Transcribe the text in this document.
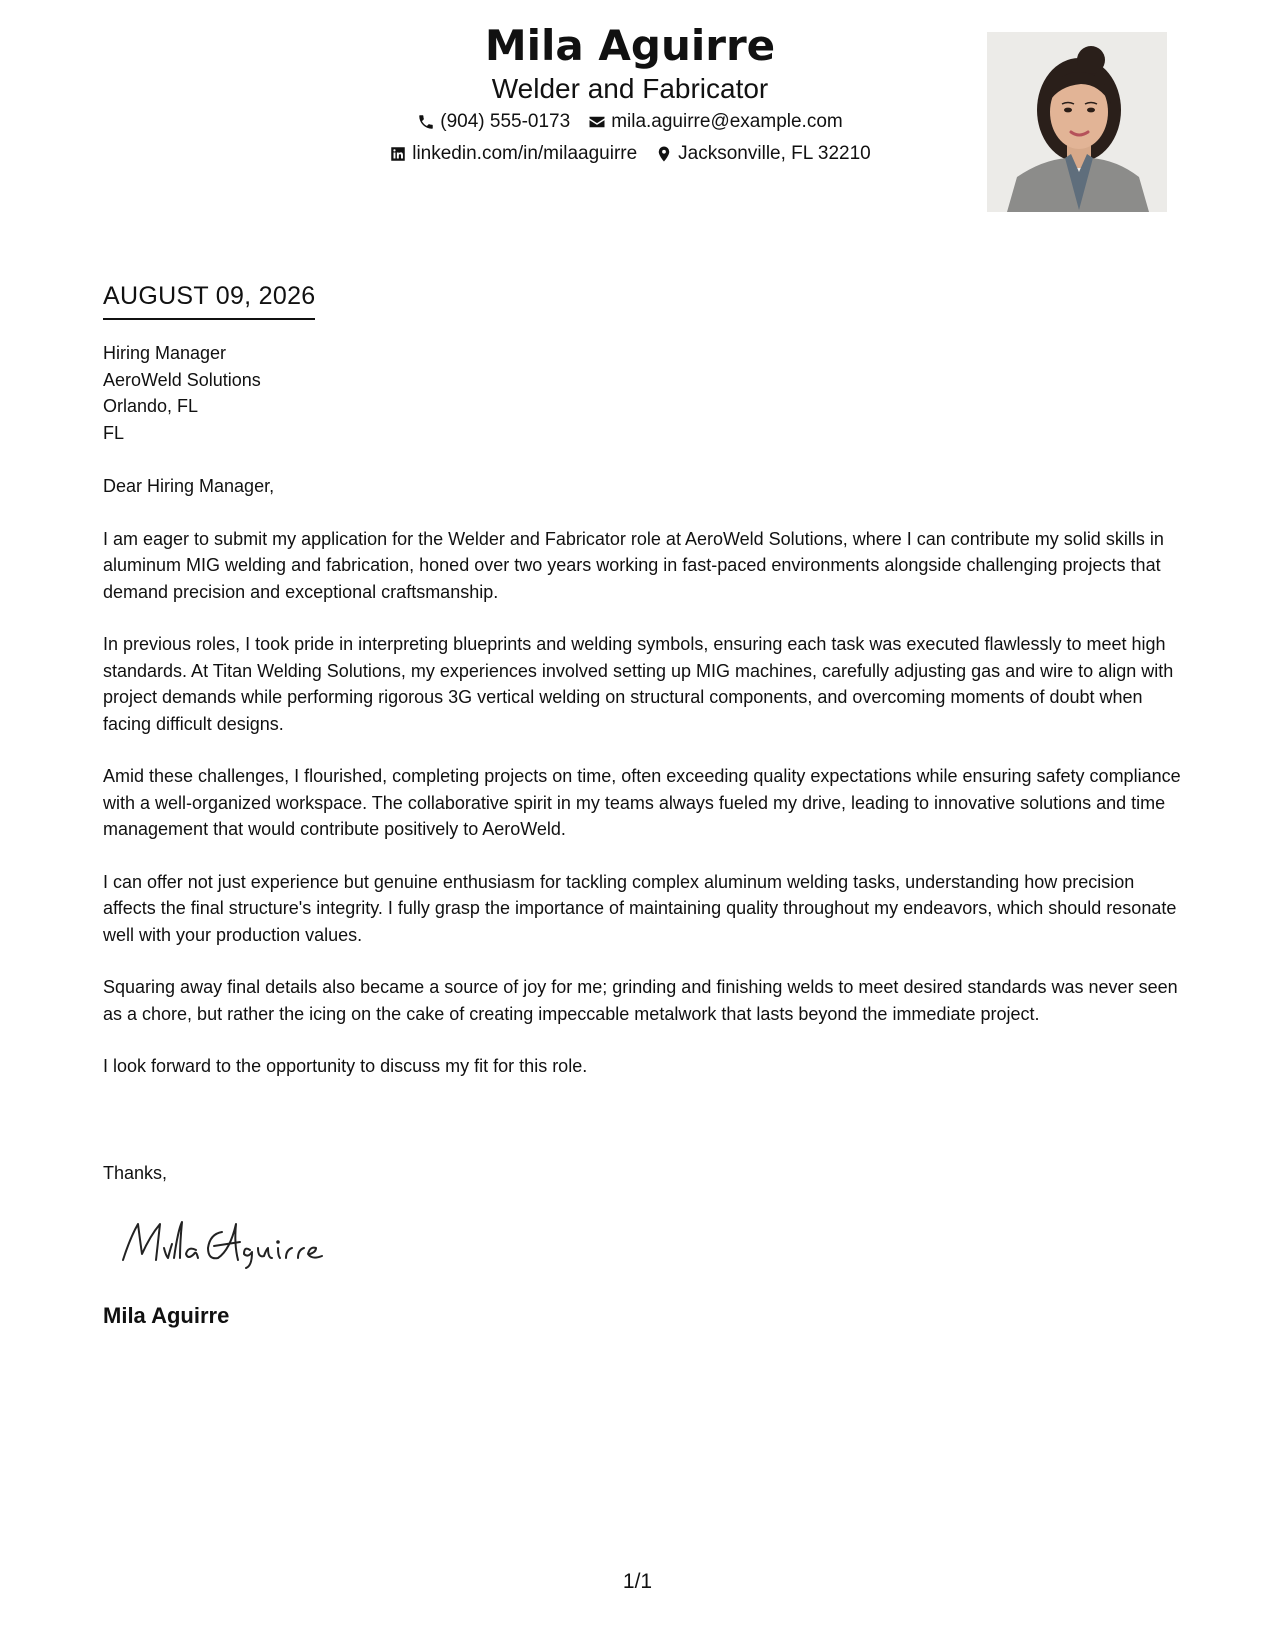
Mila Aguirre
Welder and Fabricator
(904) 555-0173 mila.aguirre@example.com
linkedin.com/in/milaaguirre Jacksonville, FL 32210
AUGUST 09, 2026
Hiring Manager
AeroWeld Solutions
Orlando, FL
FL
Dear Hiring Manager,

I am eager to submit my application for the Welder and Fabricator role at AeroWeld Solutions, where I can contribute my solid skills in aluminum MIG welding and fabrication, honed over two years working in fast-paced environments alongside challenging projects that demand precision and exceptional craftsmanship.

In previous roles, I took pride in interpreting blueprints and welding symbols, ensuring each task was executed flawlessly to meet high standards. At Titan Welding Solutions, my experiences involved setting up MIG machines, carefully adjusting gas and wire to align with project demands while performing rigorous 3G vertical welding on structural components, and overcoming moments of doubt when facing difficult designs.

Amid these challenges, I flourished, completing projects on time, often exceeding quality expectations while ensuring safety compliance with a well-organized workspace. The collaborative spirit in my teams always fueled my drive, leading to innovative solutions and time management that would contribute positively to AeroWeld.

I can offer not just experience but genuine enthusiasm for tackling complex aluminum welding tasks, understanding how precision affects the final structure's integrity. I fully grasp the importance of maintaining quality throughout my endeavors, which should resonate well with your production values.

Squaring away final details also became a source of joy for me; grinding and finishing welds to meet desired standards was never seen as a chore, but rather the icing on the cake of creating impeccable metalwork that lasts beyond the immediate project.

I look forward to the opportunity to discuss my fit for this role.

Thanks,
Mila Aguirre
1/1
